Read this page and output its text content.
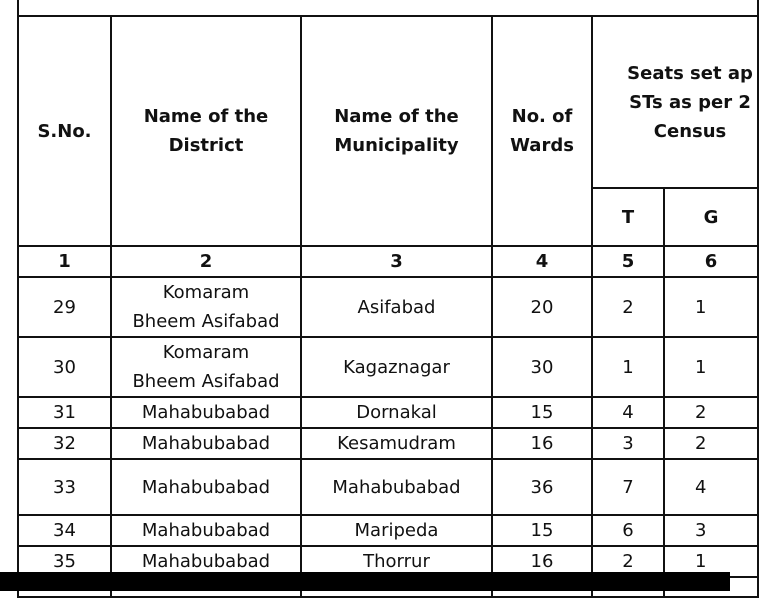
S.No.	Name of the District	Name of the Municipality	No. of Wards	Seats set ap
STs as per 2
Census	

				T	G
1	2	3	4	5	6
29	Komaram Bheem Asifabad	Asifabad	20	2	1
30	Komaram Bheem Asifabad	Kagaznagar	30	1	1
31	Mahabubabad	Dornakal	15	4	2
32	Mahabubabad	Kesamudram	16	3	2
33	Mahabubabad	Mahabubabad	36	7	4
34	Mahabubabad	Maripeda	15	6	3
35	Mahabubabad	Thorrur	16	2	1
